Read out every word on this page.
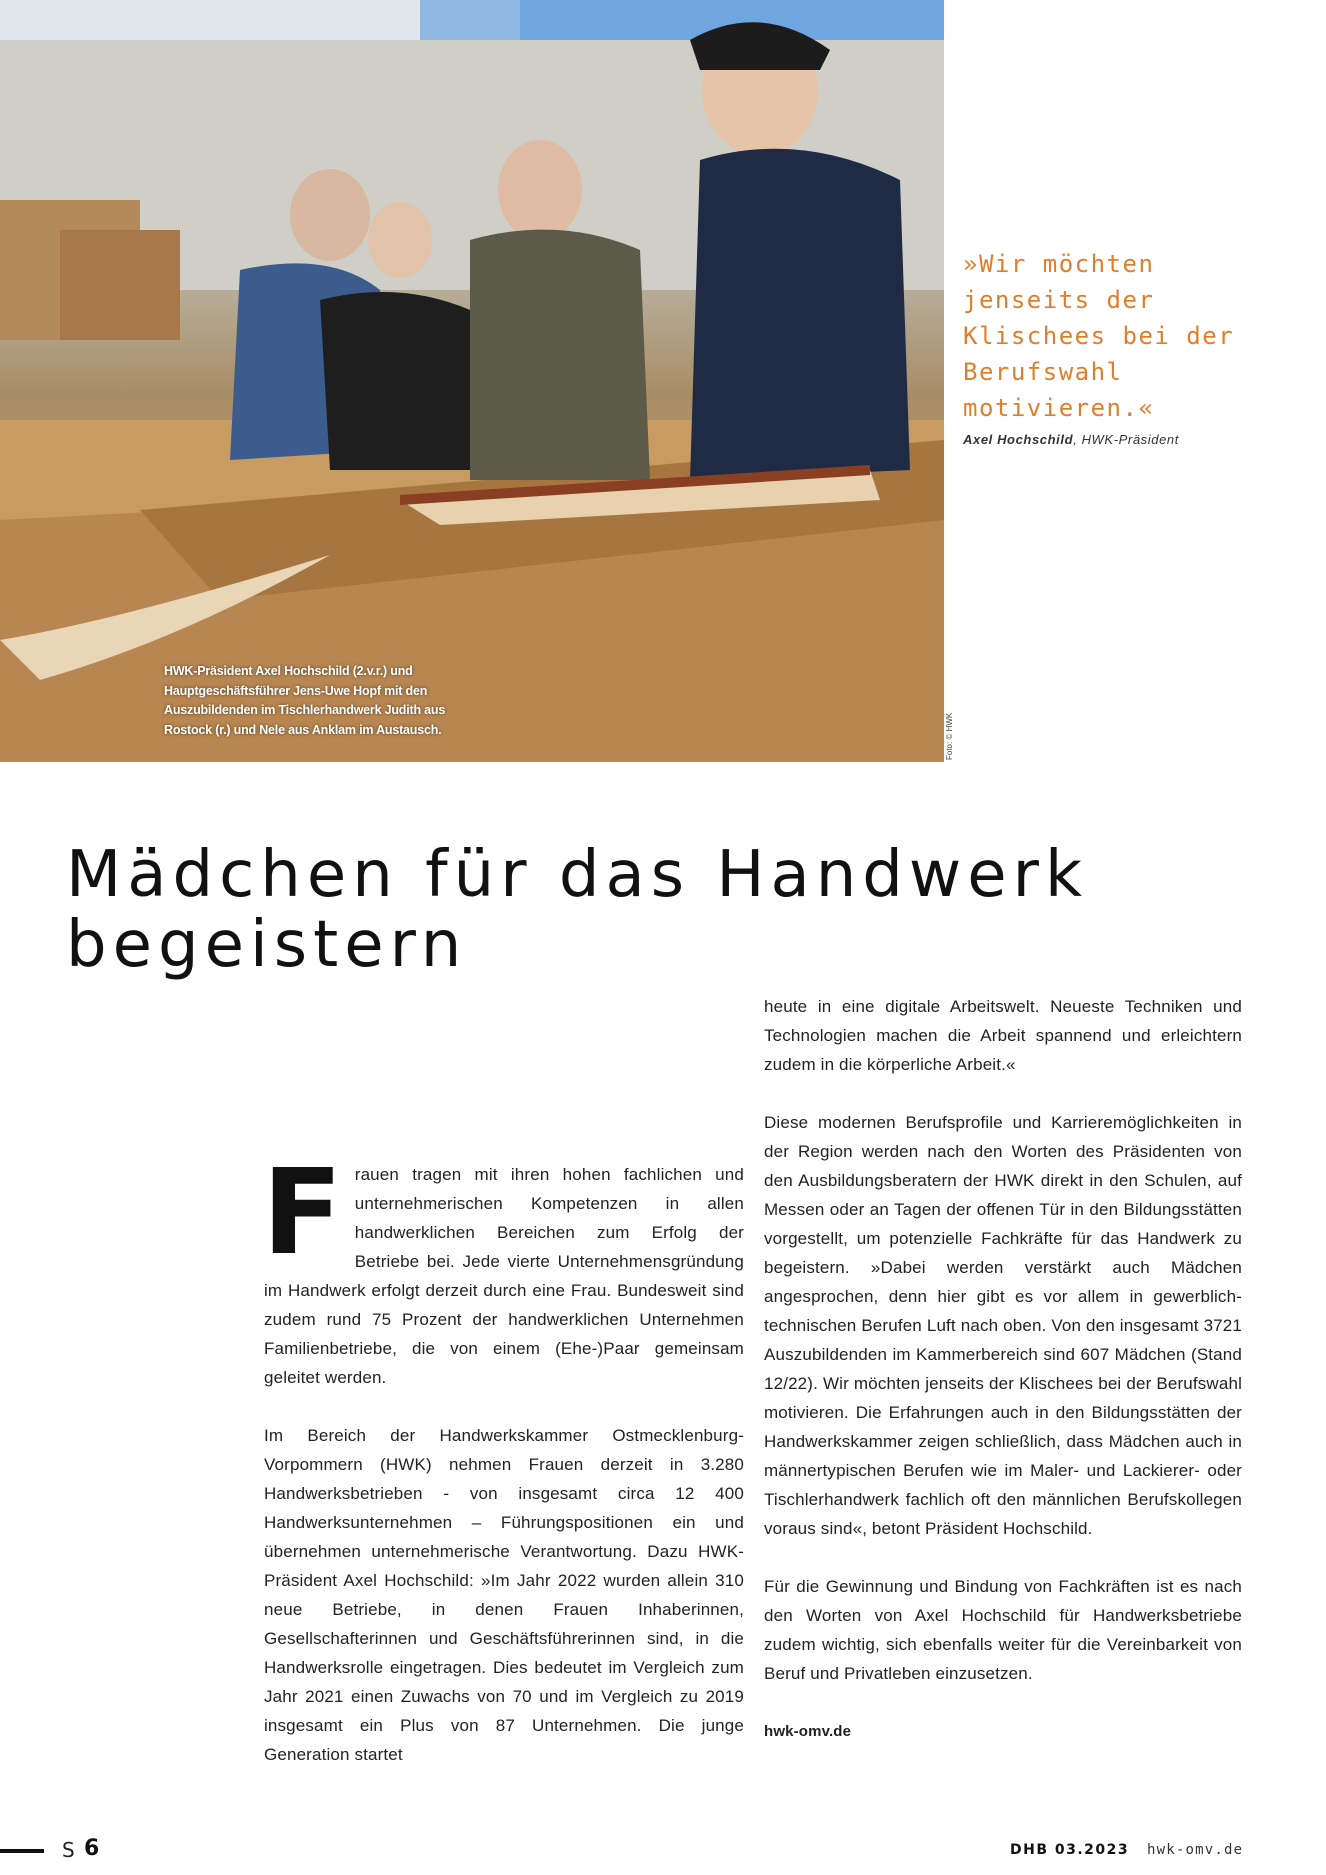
HWK-Präsident Axel Hochschild (2.v.r.) und Hauptgeschäftsführer Jens-Uwe Hopf mit den Auszubildenden im Tischlerhandwerk Judith aus Rostock (r.) und Nele aus Anklam im Austausch.	Foto: © HWK
»Wir möchten jenseits der Klischees bei der Berufswahl motivieren.«
Axel Hochschild, HWK-Präsident
Mädchen für das Handwerk begeistern

Frauen tragen mit ihren hohen fachlichen und unternehmerischen Kompetenzen in allen handwerklichen Bereichen zum Erfolg der Betriebe bei. Jede vierte Unternehmensgründung im Handwerk erfolgt derzeit durch eine Frau. Bundesweit sind zudem rund 75 Prozent der handwerklichen Unternehmen Familienbetriebe, die von einem (Ehe-)Paar gemeinsam geleitet werden.

Im Bereich der Handwerkskammer Ostmecklenburg-Vorpommern (HWK) nehmen Frauen derzeit in 3.280 Handwerksbetrieben - von insgesamt circa 12 400 Handwerksunternehmen – Führungspositionen ein und übernehmen unternehmerische Verantwortung. Dazu HWK-Präsident Axel Hochschild: »Im Jahr 2022 wurden allein 310 neue Betriebe, in denen Frauen Inhaberinnen, Gesellschafterinnen und Geschäftsführerinnen sind, in die Handwerksrolle eingetragen. Dies bedeutet im Vergleich zum Jahr 2021 einen Zuwachs von 70 und im Vergleich zu 2019 insgesamt ein Plus von 87 Unternehmen. Die junge Generation startet

heute in eine digitale Arbeitswelt. Neueste Techniken und Technologien machen die Arbeit spannend und erleichtern zudem in die körperliche Arbeit.«

Diese modernen Berufsprofile und Karrieremöglichkeiten in der Region werden nach den Worten des Präsidenten von den Ausbildungsberatern der HWK direkt in den Schulen, auf Messen oder an Tagen der offenen Tür in den Bildungsstätten vorgestellt, um potenzielle Fachkräfte für das Handwerk zu begeistern. »Dabei werden verstärkt auch Mädchen angesprochen, denn hier gibt es vor allem in gewerblich-technischen Berufen Luft nach oben. Von den insgesamt 3721 Auszubildenden im Kammerbereich sind 607 Mädchen (Stand 12/22). Wir möchten jenseits der Klischees bei der Berufswahl motivieren. Die Erfahrungen auch in den Bildungsstätten der Handwerkskammer zeigen schließlich, dass Mädchen auch in männertypischen Berufen wie im Maler- und Lackierer- oder Tischlerhandwerk fachlich oft den männlichen Berufskollegen voraus sind«, betont Präsident Hochschild.

Für die Gewinnung und Bindung von Fachkräften ist es nach den Worten von Axel Hochschild für Handwerksbetriebe zudem wichtig, sich ebenfalls weiter für die Vereinbarkeit von Beruf und Privatleben einzusetzen.

hwk-omv.de

S 6	DHB 03.2023 hwk-omv.de
